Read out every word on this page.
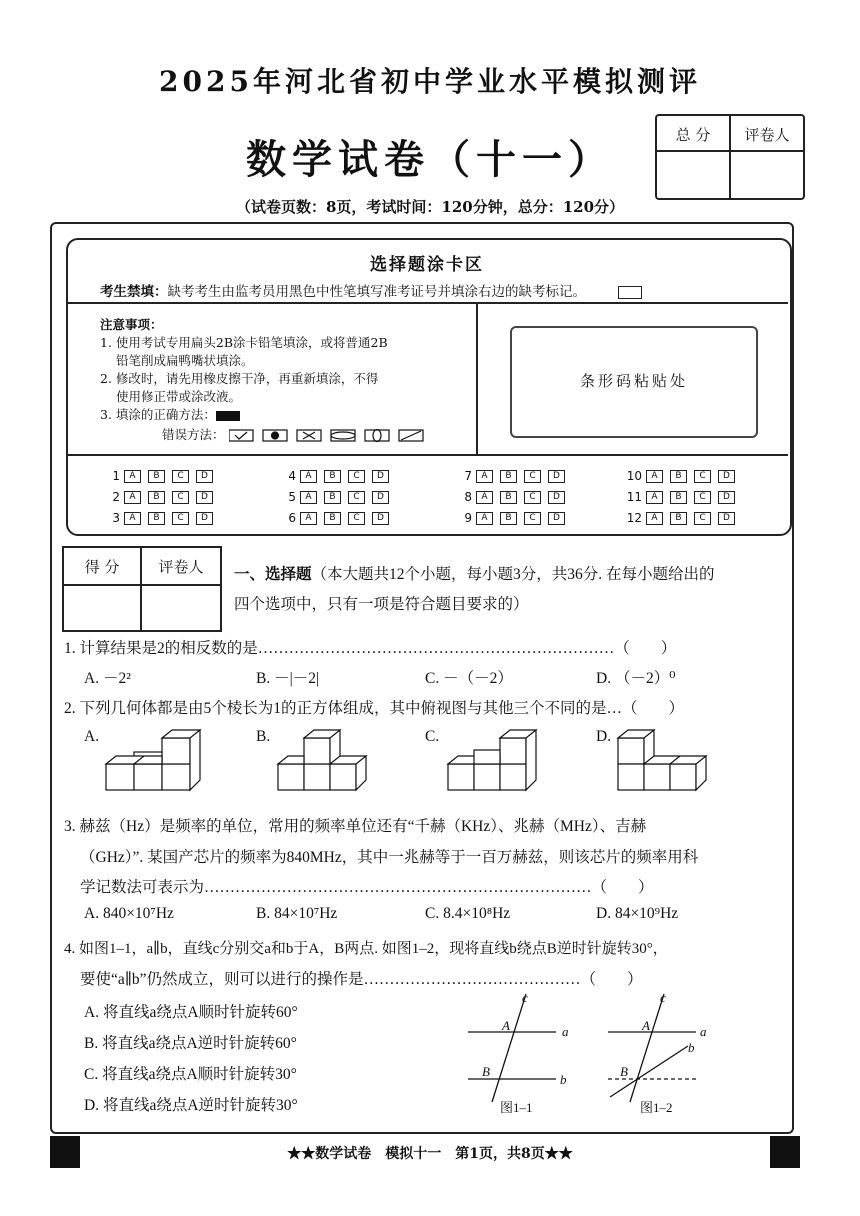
2025年河北省初中学业水平模拟测评
数学试卷（十一）
（试卷页数：8页，考试时间：120分钟，总分：120分）
总 分	评卷人
选择题涂卡区
考生禁填：缺考考生由监考员用黑色中性笔填写准考证号并填涂右边的缺考标记。
注意事项：
1. 使用考试专用扁头2B涂卡铅笔填涂，或将普通2B
铅笔削成扁鸭嘴状填涂。
2. 修改时，请先用橡皮擦干净，再重新填涂，不得
使用修正带或涂改液。
3. 填涂的正确方法：
错误方法：
条形码粘贴处
1 A B C D
2 A B C D
3 A B C D
4 A B C D
5 A B C D
6 A B C D
7 A B C D
8 A B C D
9 A B C D
10 A B C D
11 A B C D
12 A B C D
得 分	评卷人	一、选择题（本大题共12个小题，每小题3分，共36分. 在每小题给出的
四个选项中，只有一项是符合题目要求的）
1. 计算结果是2的相反数的是……………………………………………………………（　　）
A. －2²	B. －|－2|	C. －（－2）	D. （－2）⁰
2. 下列几何体都是由5个棱长为1的正方体组成，其中俯视图与其他三个不同的是…（　　）
A.	B.	C.	D.
3. 赫兹（Hz）是频率的单位，常用的频率单位还有“千赫（KHz）、兆赫（MHz）、吉赫
（GHz）”. 某国产芯片的频率为840MHz，其中一兆赫等于一百万赫兹，则该芯片的频率用科
学记数法可表示为…………………………………………………………………（　　）
A. 840×10⁷Hz	B. 84×10⁷Hz	C. 8.4×10⁸Hz	D. 84×10⁹Hz
4. 如图1–1，a∥b，直线c分别交a和b于A，B两点. 如图1–2，现将直线b绕点B逆时针旋转30°，
要使“a∥b”仍然成立，则可以进行的操作是……………………………………（　　）
A. 将直线a绕点A顺时针旋转60°
B. 将直线a绕点A逆时针旋转60°
C. 将直线a绕点A顺时针旋转30°
D. 将直线a绕点A逆时针旋转30°
c
A	a
B
b
c
A	a
B
b
图1–1	图1–2
★★数学试卷　模拟十一　第1页，共8页★★
